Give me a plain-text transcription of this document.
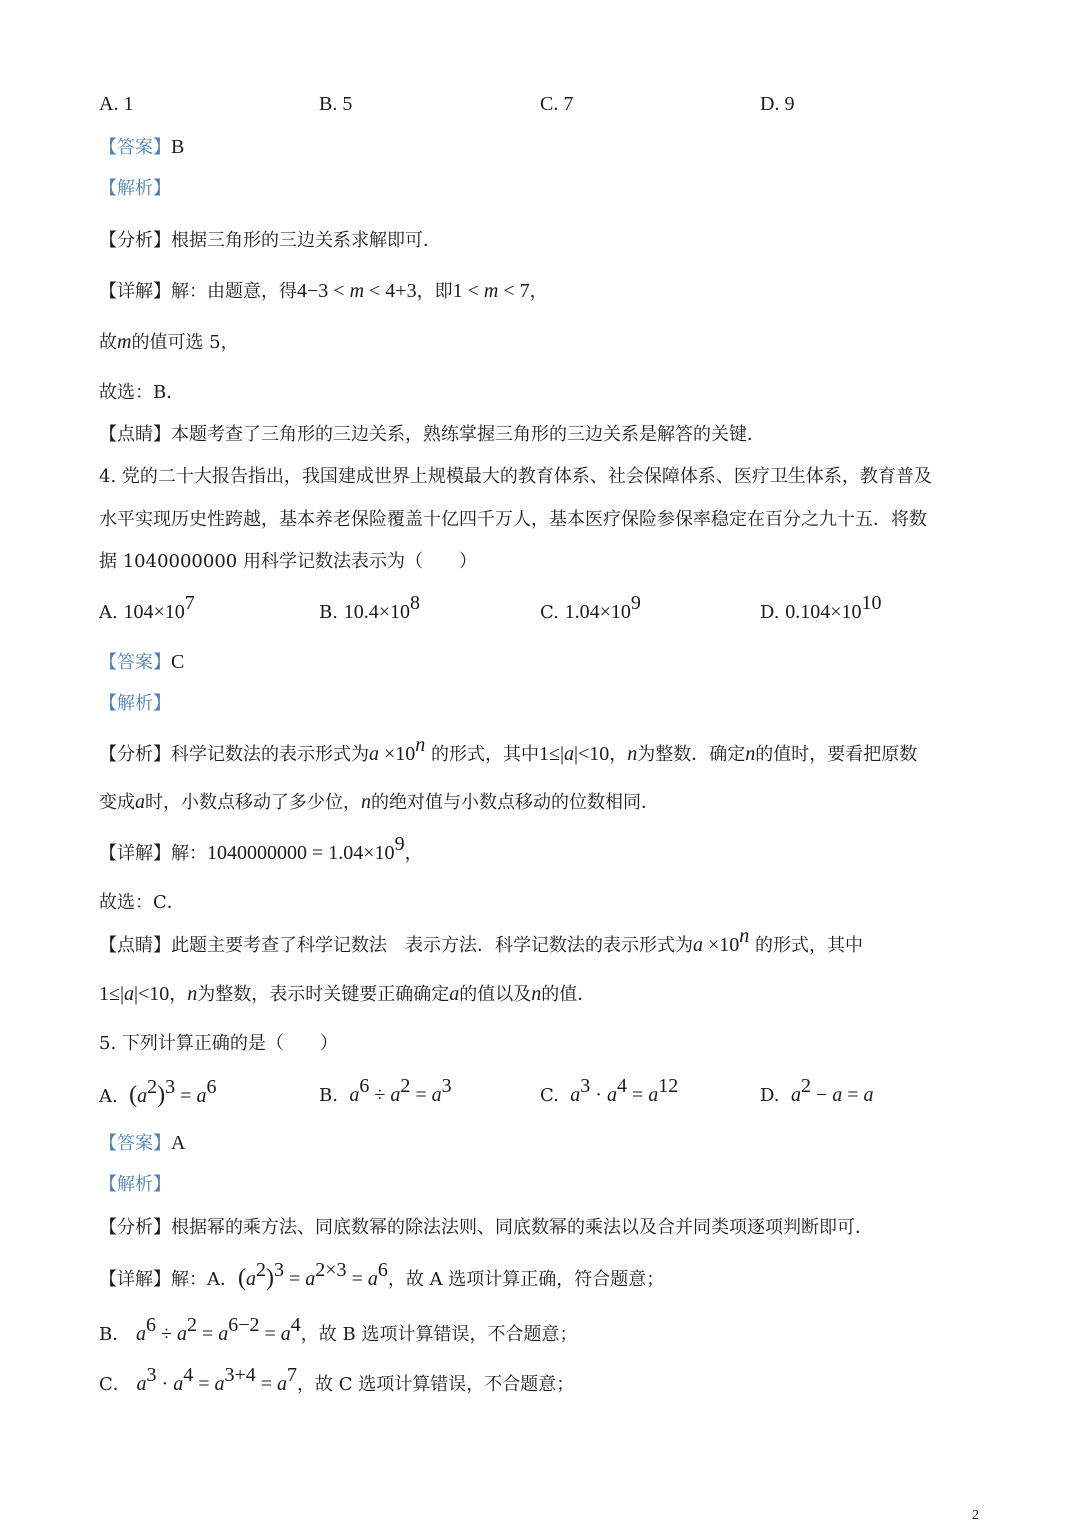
A. 1	B. 5	C. 7	D. 9
【答案】B
【解析】
【分析】根据三角形的三边关系求解即可．
【详解】解：由题意，得4−3 < m < 4+3，即1 < m < 7，
故m的值可选 5，
故选：B．
【点睛】本题考查了三角形的三边关系，熟练掌握三角形的三边关系是解答的关键．
4. 党的二十大报告指出，我国建成世界上规模最大的教育体系、社会保障体系、医疗卫生体系，教育普及
水平实现历史性跨越，基本养老保险覆盖十亿四千万人，基本医疗保险参保率稳定在百分之九十五．将数
据 1040000000 用科学记数法表示为（　　）
A. $104\times 10^7$	B. $10.4\times 10^8$	C. $1.04\times 10^9$	D. $0.104\times 10^{10}$
【答案】C
【解析】
【分析】科学记数法的表示形式为$a \times 10^n$ 的形式，其中1≤|a|<10，n为整数．确定n的值时，要看把原数
变成a时，小数点移动了多少位，n的绝对值与小数点移动的位数相同．
【详解】解：$1040000000 = 1.04\times 10^9$，
故选：C．
【点睛】此题主要考查了科学记数法　表示方法．科学记数法的表示形式为$a \times 10^n$ 的形式，其中
1≤|a|<10，n为整数，表示时关键要正确确定a的值以及n的值．
5. 下列计算正确的是（　　）
A.  $(a^2)^3 = a^6$	B.  $a^6 \div a^2 = a^3$	C.  $a^3 \cdot a^4 = a^{12}$	D.  $a^2 - a = a$
【答案】A
【解析】
【分析】根据幂的乘方法、同底数幂的除法法则、同底数幂的乘法以及合并同类项逐项判断即可．
【详解】解：A．$(a^2)^3 = a^{2\times 3} = a^6$，故 A 选项计算正确，符合题意；
B． $a^6 \div a^2 = a^{6-2} = a^4$，故 B 选项计算错误，不合题意；
C． $a^3 \cdot a^4 = a^{3+4} = a^7$，故 C 选项计算错误，不合题意；
2
